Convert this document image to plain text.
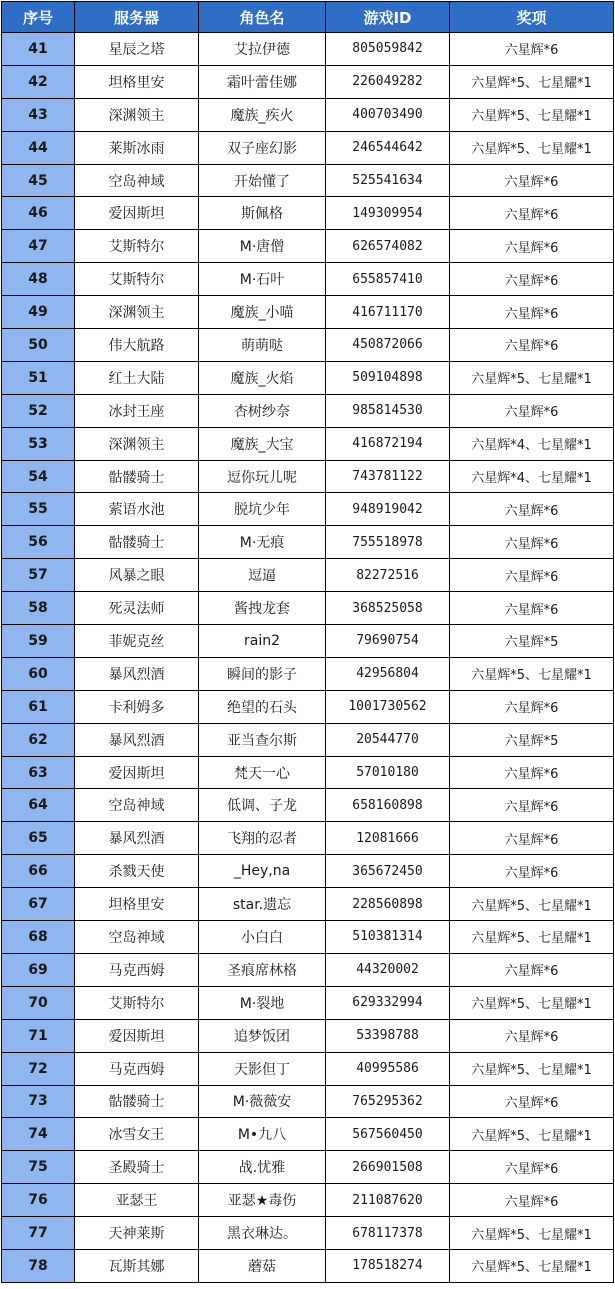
序号	服务器	角色名	游戏ID	奖项
41	星辰之塔	艾拉伊德	805059842	六星辉*6
42	坦格里安	霜叶蕾佳娜	226049282	六星辉*5、七星耀*1
43	深渊领主	魔族_疾火	400703490	六星辉*5、七星耀*1
44	莱斯冰雨	双子座幻影	246544642	六星辉*5、七星耀*1
45	空岛神域	开始懂了	525541634	六星辉*6
46	爱因斯坦	斯佩格	149309954	六星辉*6
47	艾斯特尔	M·唐僧	626574082	六星辉*6
48	艾斯特尔	M·石叶	655857410	六星辉*6
49	深渊领主	魔族_小喵	416711170	六星辉*6
50	伟大航路	萌萌哒	450872066	六星辉*6
51	红土大陆	魔族_火焰	509104898	六星辉*5、七星耀*1
52	冰封王座	杏树纱奈	985814530	六星辉*6
53	深渊领主	魔族_大宝	416872194	六星辉*4、七星耀*1
54	骷髅骑士	逗你玩儿呢	743781122	六星辉*4、七星耀*1
55	萦语水池	脱坑少年	948919042	六星辉*6
56	骷髅骑士	M·无痕	755518978	六星辉*6
57	风暴之眼	逗逼	82272516	六星辉*6
58	死灵法师	酱拽龙套	368525058	六星辉*6
59	菲妮克丝	rain2	79690754	六星辉*5
60	暴风烈酒	瞬间的影子	42956804	六星辉*5、七星耀*1
61	卡利姆多	绝望的石头	1001730562	六星辉*6
62	暴风烈酒	亚当查尔斯	20544770	六星辉*5
63	爱因斯坦	梵天一心	57010180	六星辉*6
64	空岛神域	低调、子龙	658160898	六星辉*6
65	暴风烈酒	飞翔的忍者	12081666	六星辉*6
66	杀戮天使	_Hey,na	365672450	六星辉*6
67	坦格里安	star.遗忘	228560898	六星辉*5、七星耀*1
68	空岛神域	小白白	510381314	六星辉*5、七星耀*1
69	马克西姆	圣痕席林格	44320002	六星辉*6
70	艾斯特尔	M·裂地	629332994	六星辉*5、七星耀*1
71	爱因斯坦	追梦饭团	53398788	六星辉*6
72	马克西姆	天影但丁	40995586	六星辉*5、七星耀*1
73	骷髅骑士	M·薇薇安	765295362	六星辉*6
74	冰雪女王	M•九八	567560450	六星辉*5、七星耀*1
75	圣殿骑士	战.忧雅	266901508	六星辉*6
76	亚瑟王	亚瑟★毒伤	211087620	六星辉*6
77	天神莱斯	黑衣琳达。	678117378	六星辉*5、七星耀*1
78	瓦斯其娜	蘑菇	178518274	六星辉*5、七星耀*1
